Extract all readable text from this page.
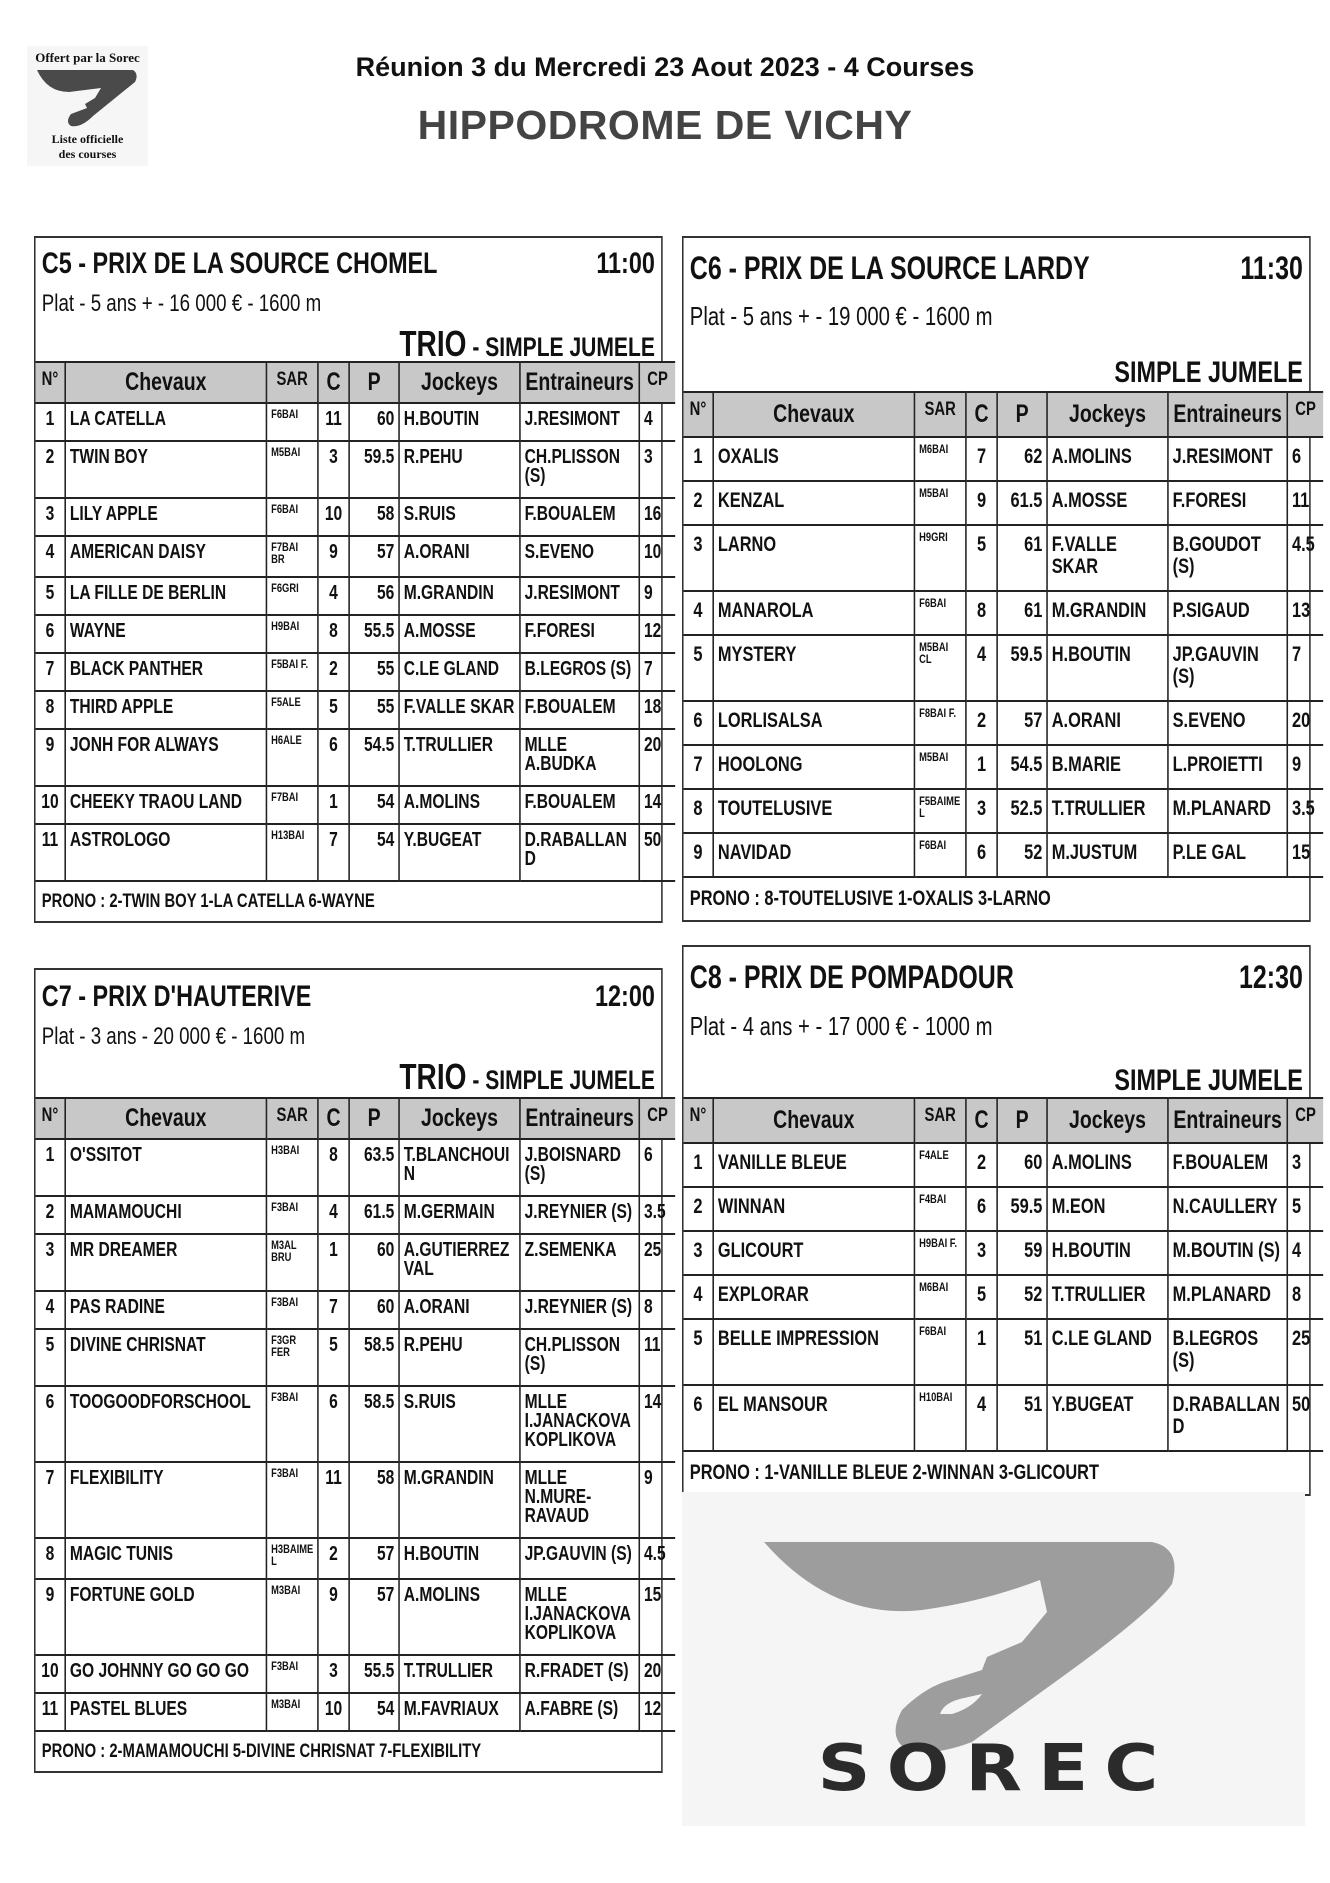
Offert par la Sorec
Liste officielle
des courses
Réunion 3 du Mercredi 23 Aout 2023 - 4 Courses
HIPPODROME DE VICHY
C5 - PRIX DE LA SOURCE CHOMEL	11:00
Plat - 5 ans + - 16 000 € - 1600 m
TRIO - SIMPLE JUMELE
N°	Chevaux	SAR	C	P	Jockeys	Entraineurs	CP
1	LA CATELLA	F6BAI	11	60	H.BOUTIN	J.RESIMONT	4
2	TWIN BOY	M5BAI	3	59.5	R.PEHU	CH.PLISSON (S)	3
3	LILY APPLE	F6BAI	10	58	S.RUIS	F.BOUALEM	16
4	AMERICAN DAISY	F7BAI BR	9	57	A.ORANI	S.EVENO	10
5	LA FILLE DE BERLIN	F6GRI	4	56	M.GRANDIN	J.RESIMONT	9
6	WAYNE	H9BAI	8	55.5	A.MOSSE	F.FORESI	12
7	BLACK PANTHER	F5BAI F.	2	55	C.LE GLAND	B.LEGROS (S)	7
8	THIRD APPLE	F5ALE	5	55	F.VALLE SKAR	F.BOUALEM	18
9	JONH FOR ALWAYS	H6ALE	6	54.5	T.TRULLIER	MLLE A.BUDKA	20
10	CHEEKY TRAOU LAND	F7BAI	1	54	A.MOLINS	F.BOUALEM	14
11	ASTROLOGO	H13BAI	7	54	Y.BUGEAT	D.RABALLAND	50
PRONO : 2-TWIN BOY 1-LA CATELLA 6-WAYNE
C6 - PRIX DE LA SOURCE LARDY	11:30
Plat - 5 ans + - 19 000 € - 1600 m
SIMPLE JUMELE
N°	Chevaux	SAR	C	P	Jockeys	Entraineurs	CP
1	OXALIS	M6BAI	7	62	A.MOLINS	J.RESIMONT	6
2	KENZAL	M5BAI	9	61.5	A.MOSSE	F.FORESI	11
3	LARNO	H9GRI	5	61	F.VALLE SKAR	B.GOUDOT (S)	4.5
4	MANAROLA	F6BAI	8	61	M.GRANDIN	P.SIGAUD	13
5	MYSTERY	M5BAI CL	4	59.5	H.BOUTIN	JP.GAUVIN (S)	7
6	LORLISALSA	F8BAI F.	2	57	A.ORANI	S.EVENO	20
7	HOOLONG	M5BAI	1	54.5	B.MARIE	L.PROIETTI	9
8	TOUTELUSIVE	F5BAIMEL	3	52.5	T.TRULLIER	M.PLANARD	3.5
9	NAVIDAD	F6BAI	6	52	M.JUSTUM	P.LE GAL	15
PRONO : 8-TOUTELUSIVE 1-OXALIS 3-LARNO
C7 - PRIX D'HAUTERIVE	12:00
Plat - 3 ans - 20 000 € - 1600 m
TRIO - SIMPLE JUMELE
N°	Chevaux	SAR	C	P	Jockeys	Entraineurs	CP
1	O'SSITOT	H3BAI	8	63.5	T.BLANCHOUIN	J.BOISNARD (S)	6
2	MAMAMOUCHI	F3BAI	4	61.5	M.GERMAIN	J.REYNIER (S)	3.5
3	MR DREAMER	M3AL BRU	1	60	A.GUTIERREZ VAL	Z.SEMENKA	25
4	PAS RADINE	F3BAI	7	60	A.ORANI	J.REYNIER (S)	8
5	DIVINE CHRISNAT	F3GR FER	5	58.5	R.PEHU	CH.PLISSON (S)	11
6	TOOGOODFORSCHOOL	F3BAI	6	58.5	S.RUIS	MLLE I.JANACKOVA KOPLIKOVA	14
7	FLEXIBILITY	F3BAI	11	58	M.GRANDIN	MLLE N.MURE-RAVAUD	9
8	MAGIC TUNIS	H3BAIMEL	2	57	H.BOUTIN	JP.GAUVIN (S)	4.5
9	FORTUNE GOLD	M3BAI	9	57	A.MOLINS	MLLE I.JANACKOVA KOPLIKOVA	15
10	GO JOHNNY GO GO GO	F3BAI	3	55.5	T.TRULLIER	R.FRADET (S)	20
11	PASTEL BLUES	M3BAI	10	54	M.FAVRIAUX	A.FABRE (S)	12
PRONO : 2-MAMAMOUCHI 5-DIVINE CHRISNAT 7-FLEXIBILITY
C8 - PRIX DE POMPADOUR	12:30
Plat - 4 ans + - 17 000 € - 1000 m
SIMPLE JUMELE
N°	Chevaux	SAR	C	P	Jockeys	Entraineurs	CP
1	VANILLE BLEUE	F4ALE	2	60	A.MOLINS	F.BOUALEM	3
2	WINNAN	F4BAI	6	59.5	M.EON	N.CAULLERY	5
3	GLICOURT	H9BAI F.	3	59	H.BOUTIN	M.BOUTIN (S)	4
4	EXPLORAR	M6BAI	5	52	T.TRULLIER	M.PLANARD	8
5	BELLE IMPRESSION	F6BAI	1	51	C.LE GLAND	B.LEGROS (S)	25
6	EL MANSOUR	H10BAI	4	51	Y.BUGEAT	D.RABALLAND	50
PRONO : 1-VANILLE BLEUE 2-WINNAN 3-GLICOURT
SOREC
